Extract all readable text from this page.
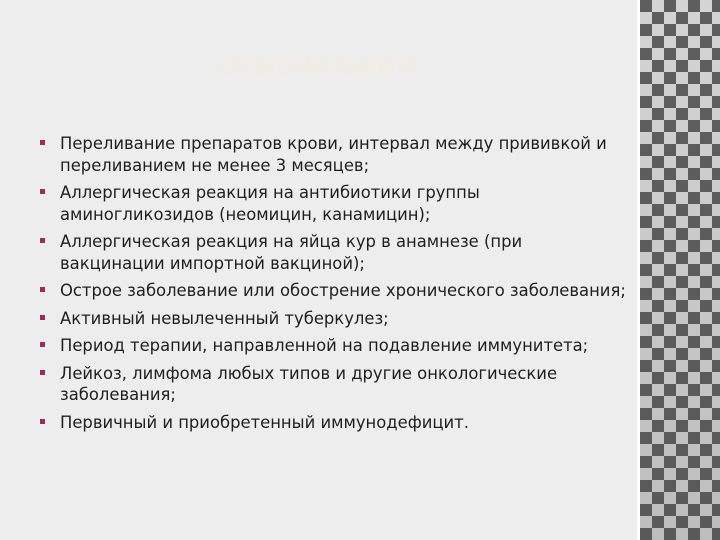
ОСЛОЖНЕНИЯ
Переливание препаратов крови, интервал между прививкой и переливанием не менее 3 месяцев;
Аллергическая реакция на антибиотики группы аминогликозидов (неомицин, канамицин);
Аллергическая реакция на яйца кур в анамнезе (при вакцинации импортной вакциной);
Острое заболевание или обострение хронического заболевания;
Активный невылеченный туберкулез;
Период терапии, направленной на подавление иммунитета;
Лейкоз, лимфома любых типов и другие онкологические заболевания;
Первичный и приобретенный иммунодефицит.
